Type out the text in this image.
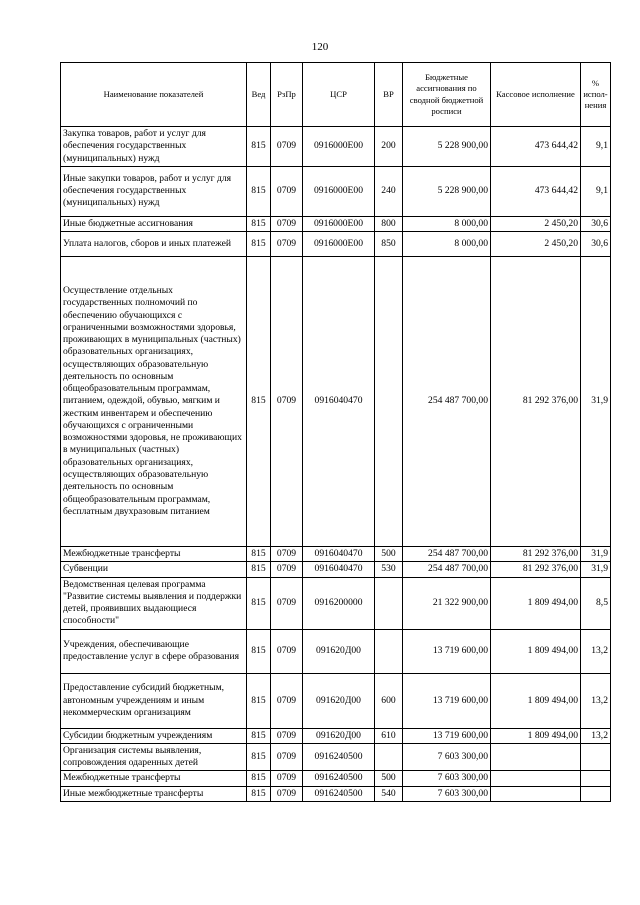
120
Наименование показателей	Вед	РзПр	ЦСР	ВР	Бюджетные ассигнования по сводной бюджетной росписи	Кассовое исполнение	% испол-нения
Закупка товаров, работ и услуг для обеспечения государственных (муниципальных) нужд	815	0709	0916000Е00	200	5 228 900,00	473 644,42	9,1
Иные закупки товаров, работ и услуг для обеспечения государственных (муниципальных) нужд	815	0709	0916000Е00	240	5 228 900,00	473 644,42	9,1
Иные бюджетные ассигнования	815	0709	0916000Е00	800	8 000,00	2 450,20	30,6
Уплата налогов, сборов и иных платежей	815	0709	0916000Е00	850	8 000,00	2 450,20	30,6
Осуществление отдельных государственных полномочий по обеспечению обучающихся с ограниченными возможностями здоровья, проживающих в муниципальных (частных) образовательных организациях, осуществляющих образовательную деятельность по основным общеобразовательным программам, питанием, одеждой, обувью, мягким и жестким инвентарем и обеспечению обучающихся с ограниченными возможностями здоровья, не проживающих в муниципальных (частных) образовательных организациях, осуществляющих образовательную деятельность по основным общеобразовательным программам, бесплатным двухразовым питанием	815	0709	0916040470		254 487 700,00	81 292 376,00	31,9
Межбюджетные трансферты	815	0709	0916040470	500	254 487 700,00	81 292 376,00	31,9
Субвенции	815	0709	0916040470	530	254 487 700,00	81 292 376,00	31,9
Ведомственная целевая программа "Развитие системы выявления и поддержки детей, проявивших выдающиеся способности"	815	0709	0916200000		21 322 900,00	1 809 494,00	8,5
Учреждения, обеспечивающие предоставление услуг в сфере образования	815	0709	091620Д00		13 719 600,00	1 809 494,00	13,2
Предоставление субсидий бюджетным, автономным учреждениям и иным некоммерческим организациям	815	0709	091620Д00	600	13 719 600,00	1 809 494,00	13,2
Субсидии бюджетным учреждениям	815	0709	091620Д00	610	13 719 600,00	1 809 494,00	13,2
Организация системы выявления, сопровождения одаренных детей	815	0709	0916240500		7 603 300,00		
Межбюджетные трансферты	815	0709	0916240500	500	7 603 300,00		
Иные межбюджетные трансферты	815	0709	0916240500	540	7 603 300,00		
